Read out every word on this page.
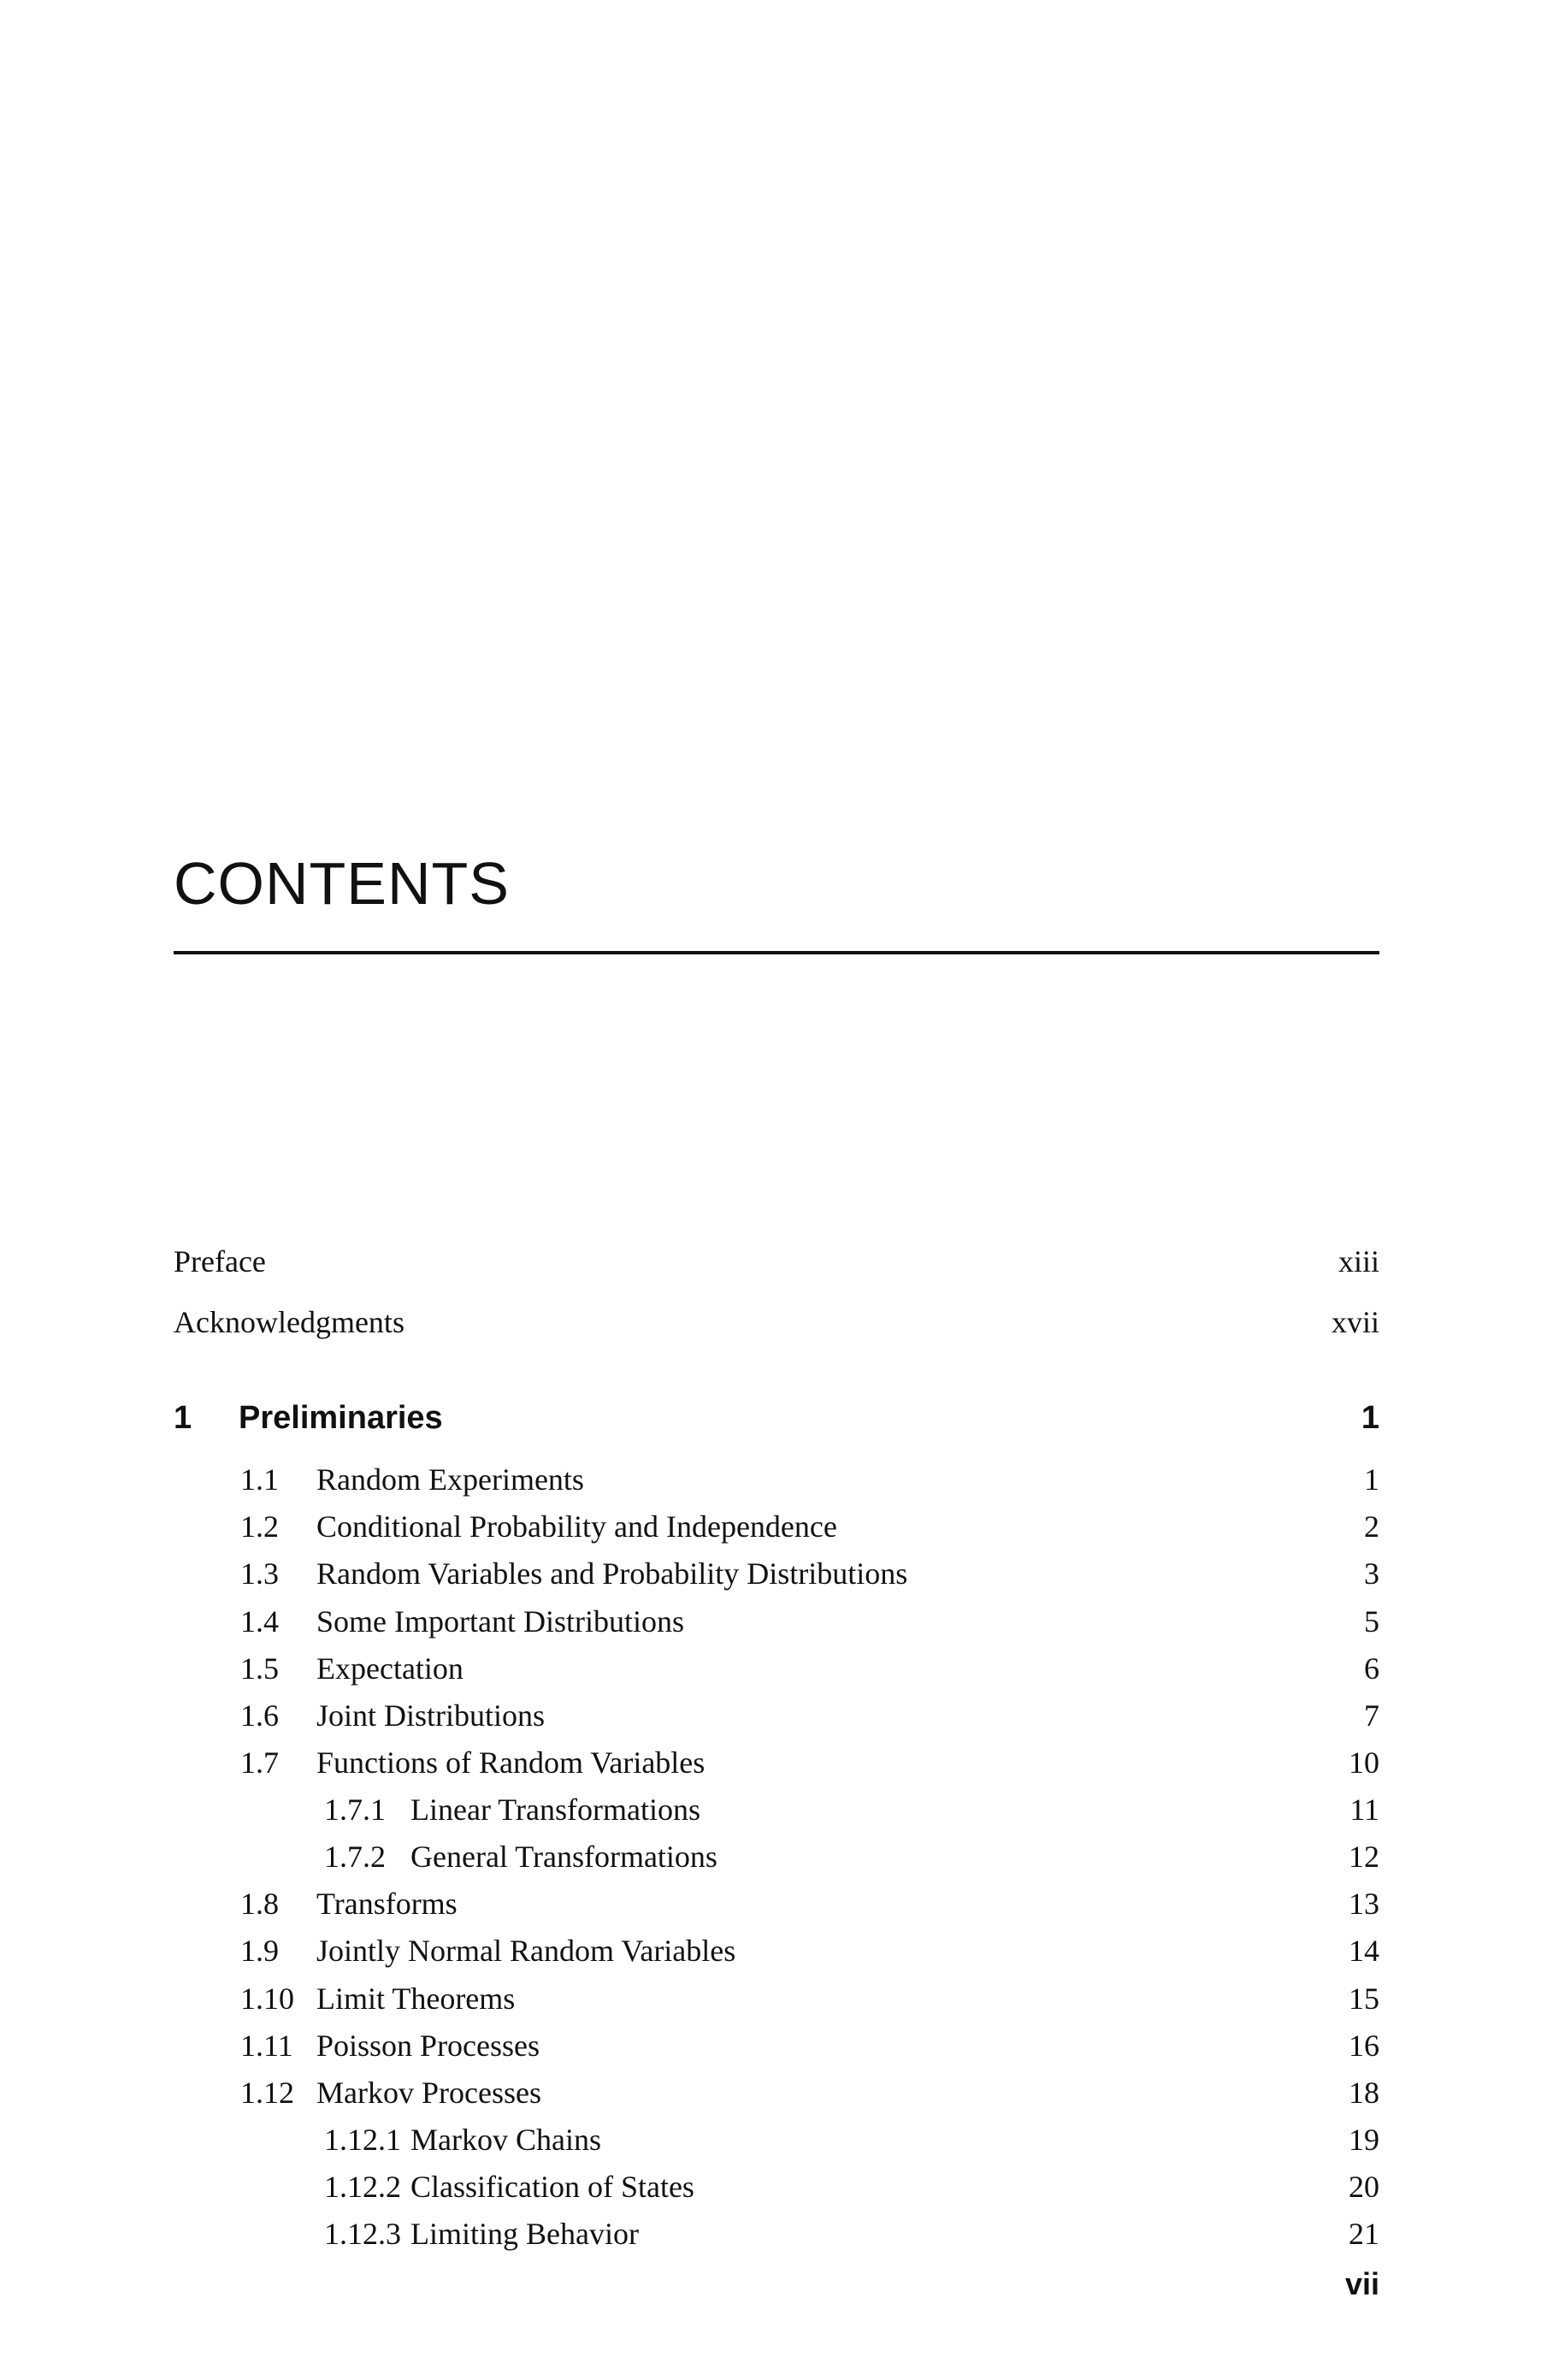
CONTENTS
Preface	xiii
Acknowledgments	xvii
1 Preliminaries	1
1.1 Random Experiments	1
1.2 Conditional Probability and Independence	2
1.3 Random Variables and Probability Distributions	3
1.4 Some Important Distributions	5
1.5 Expectation	6
1.6 Joint Distributions	7
1.7 Functions of Random Variables	10
1.7.1 Linear Transformations	11
1.7.2 General Transformations	12
1.8 Transforms	13
1.9 Jointly Normal Random Variables	14
1.10 Limit Theorems	15
1.11 Poisson Processes	16
1.12 Markov Processes	18
1.12.1 Markov Chains	19
1.12.2 Classification of States	20
1.12.3 Limiting Behavior	21
vii
